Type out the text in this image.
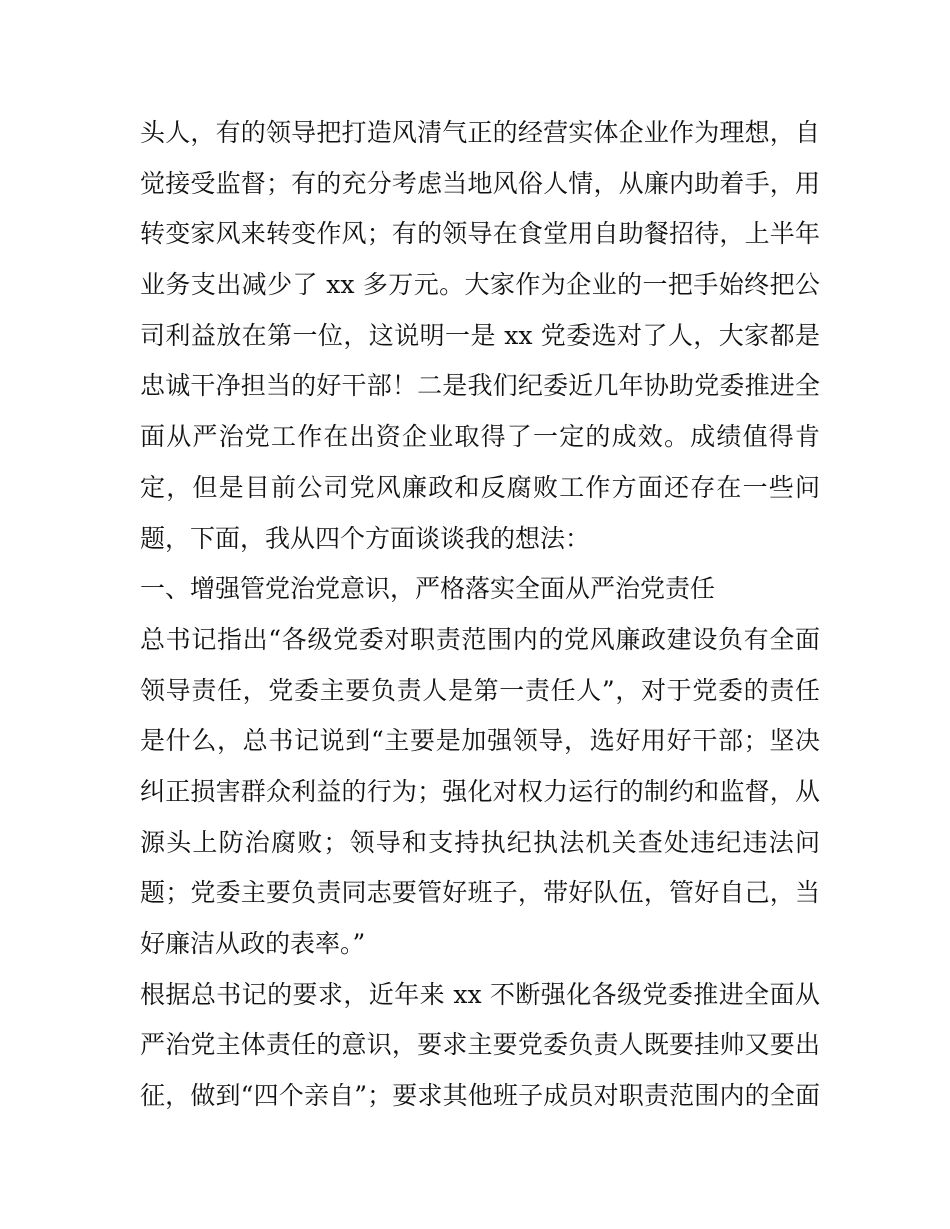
头人，有的领导把打造风清气正的经营实体企业作为理想，自
觉接受监督；有的充分考虑当地风俗人情，从廉内助着手，用
转变家风来转变作风；有的领导在食堂用自助餐招待，上半年
业务支出减少了 xx 多万元。大家作为企业的一把手始终把公
司利益放在第一位，这说明一是 xx 党委选对了人，大家都是
忠诚干净担当的好干部！二是我们纪委近几年协助党委推进全
面从严治党工作在出资企业取得了一定的成效。成绩值得肯
定，但是目前公司党风廉政和反腐败工作方面还存在一些问
题，下面，我从四个方面谈谈我的想法：
一、增强管党治党意识，严格落实全面从严治党责任
总书记指出“各级党委对职责范围内的党风廉政建设负有全面
领导责任，党委主要负责人是第一责任人”，对于党委的责任
是什么，总书记说到“主要是加强领导，选好用好干部；坚决
纠正损害群众利益的行为；强化对权力运行的制约和监督，从
源头上防治腐败；领导和支持执纪执法机关查处违纪违法问
题；党委主要负责同志要管好班子，带好队伍，管好自己，当
好廉洁从政的表率。”
根据总书记的要求，近年来 xx 不断强化各级党委推进全面从
严治党主体责任的意识，要求主要党委负责人既要挂帅又要出
征，做到“四个亲自”；要求其他班子成员对职责范围内的全面
